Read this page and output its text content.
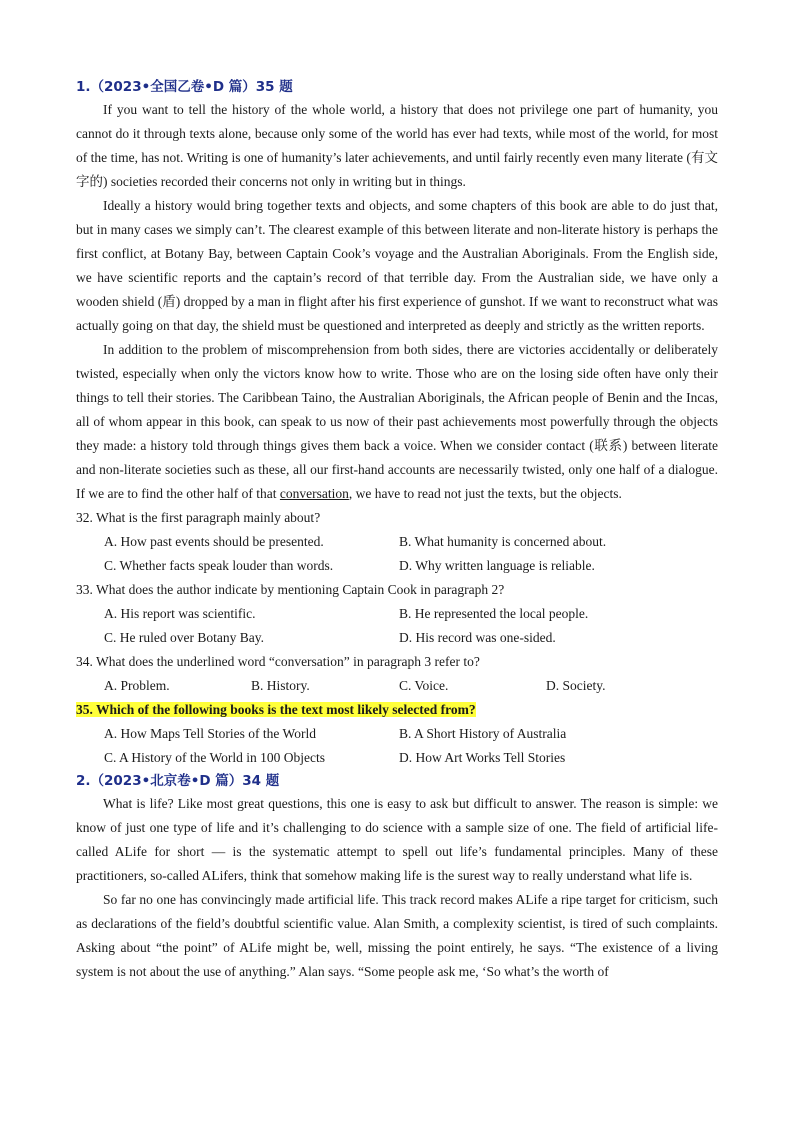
1.（2023•全国乙卷•D 篇）35 题

If you want to tell the history of the whole world, a history that does not privilege one part of humanity, you cannot do it through texts alone, because only some of the world has ever had texts, while most of the world, for most of the time, has not. Writing is one of humanity’s later achievements, and until fairly recently even many literate (有文字的) societies recorded their concerns not only in writing but in things.

Ideally a history would bring together texts and objects, and some chapters of this book are able to do just that, but in many cases we simply can’t. The clearest example of this between literate and non-literate history is perhaps the first conflict, at Botany Bay, between Captain Cook’s voyage and the Australian Aboriginals. From the English side, we have scientific reports and the captain’s record of that terrible day. From the Australian side, we have only a wooden shield (盾) dropped by a man in flight after his first experience of gunshot. If we want to reconstruct what was actually going on that day, the shield must be questioned and interpreted as deeply and strictly as the written reports.

In addition to the problem of miscomprehension from both sides, there are victories accidentally or deliberately twisted, especially when only the victors know how to write. Those who are on the losing side often have only their things to tell their stories. The Caribbean Taino, the Australian Aboriginals, the African people of Benin and the Incas, all of whom appear in this book, can speak to us now of their past achievements most powerfully through the objects they made: a history told through things gives them back a voice. When we consider contact (联系) between literate and non-literate societies such as these, all our first-hand accounts are necessarily twisted, only one half of a dialogue. If we are to find the other half of that conversation, we have to read not just the texts, but the objects.

32. What is the first paragraph mainly about?

A. How past events should be presented.	B. What humanity is concerned about.
C. Whether facts speak louder than words.	D. Why written language is reliable.

33. What does the author indicate by mentioning Captain Cook in paragraph 2?

A. His report was scientific.	B. He represented the local people.
C. He ruled over Botany Bay.	D. His record was one-sided.

34. What does the underlined word “conversation” in paragraph 3 refer to?

A. Problem.	B. History.	C. Voice.	D. Society.

35. Which of the following books is the text most likely selected from?

A. How Maps Tell Stories of the World	B. A Short History of Australia
C. A History of the World in 100 Objects	D. How Art Works Tell Stories
2.（2023•北京卷•D 篇）34 题

What is life? Like most great questions, this one is easy to ask but difficult to answer. The reason is simple: we know of just one type of life and it’s challenging to do science with a sample size of one. The field of artificial life-called ALife for short — is the systematic attempt to spell out life’s fundamental principles. Many of these practitioners, so-called ALifers, think that somehow making life is the surest way to really understand what life is.

So far no one has convincingly made artificial life. This track record makes ALife a ripe target for criticism, such as declarations of the field’s doubtful scientific value. Alan Smith, a complexity scientist, is tired of such complaints. Asking about “the point” of ALife might be, well, missing the point entirely, he says. “The existence of a living system is not about the use of anything.” Alan says. “Some people ask me, ‘So what’s the worth of
